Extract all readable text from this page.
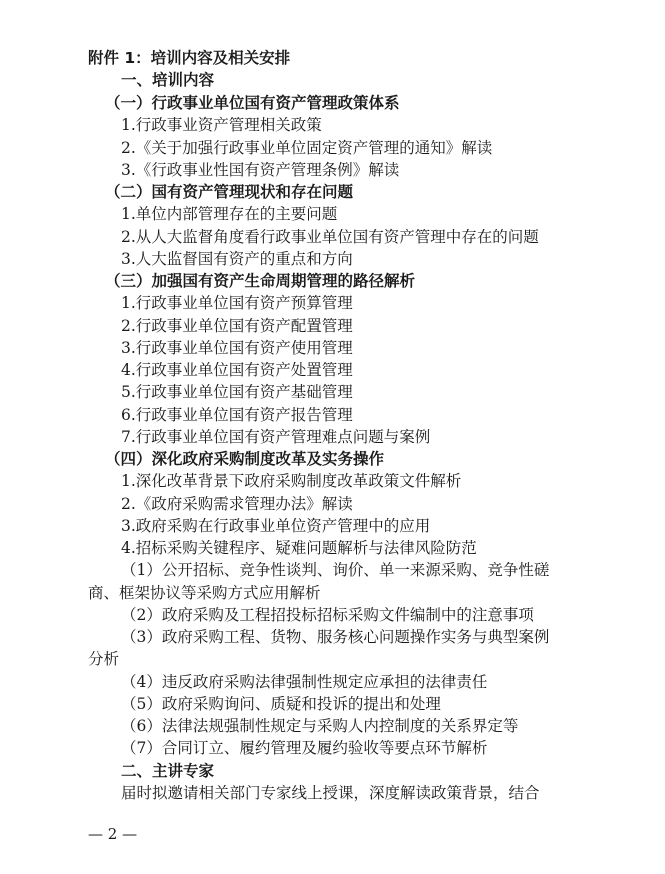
附件 1：培训内容及相关安排
一、培训内容
（一）行政事业单位国有资产管理政策体系
1.行政事业资产管理相关政策
2.《关于加强行政事业单位固定资产管理的通知》解读
3.《行政事业性国有资产管理条例》解读
（二）国有资产管理现状和存在问题
1.单位内部管理存在的主要问题
2.从人大监督角度看行政事业单位国有资产管理中存在的问题
3.人大监督国有资产的重点和方向
（三）加强国有资产生命周期管理的路径解析
1.行政事业单位国有资产预算管理
2.行政事业单位国有资产配置管理
3.行政事业单位国有资产使用管理
4.行政事业单位国有资产处置管理
5.行政事业单位国有资产基础管理
6.行政事业单位国有资产报告管理
7.行政事业单位国有资产管理难点问题与案例
（四）深化政府采购制度改革及实务操作
1.深化改革背景下政府采购制度改革政策文件解析
2.《政府采购需求管理办法》解读
3.政府采购在行政事业单位资产管理中的应用
4.招标采购关键程序、疑难问题解析与法律风险防范
（1）公开招标、竞争性谈判、询价、单一来源采购、竞争性磋
商、框架协议等采购方式应用解析
（2）政府采购及工程招投标招标采购文件编制中的注意事项
（3）政府采购工程、货物、服务核心问题操作实务与典型案例
分析
（4）违反政府采购法律强制性规定应承担的法律责任
（5）政府采购询问、质疑和投诉的提出和处理
（6）法律法规强制性规定与采购人内控制度的关系界定等
（7）合同订立、履约管理及履约验收等要点环节解析
二、主讲专家
届时拟邀请相关部门专家线上授课，深度解读政策背景，结合
— 2 —
